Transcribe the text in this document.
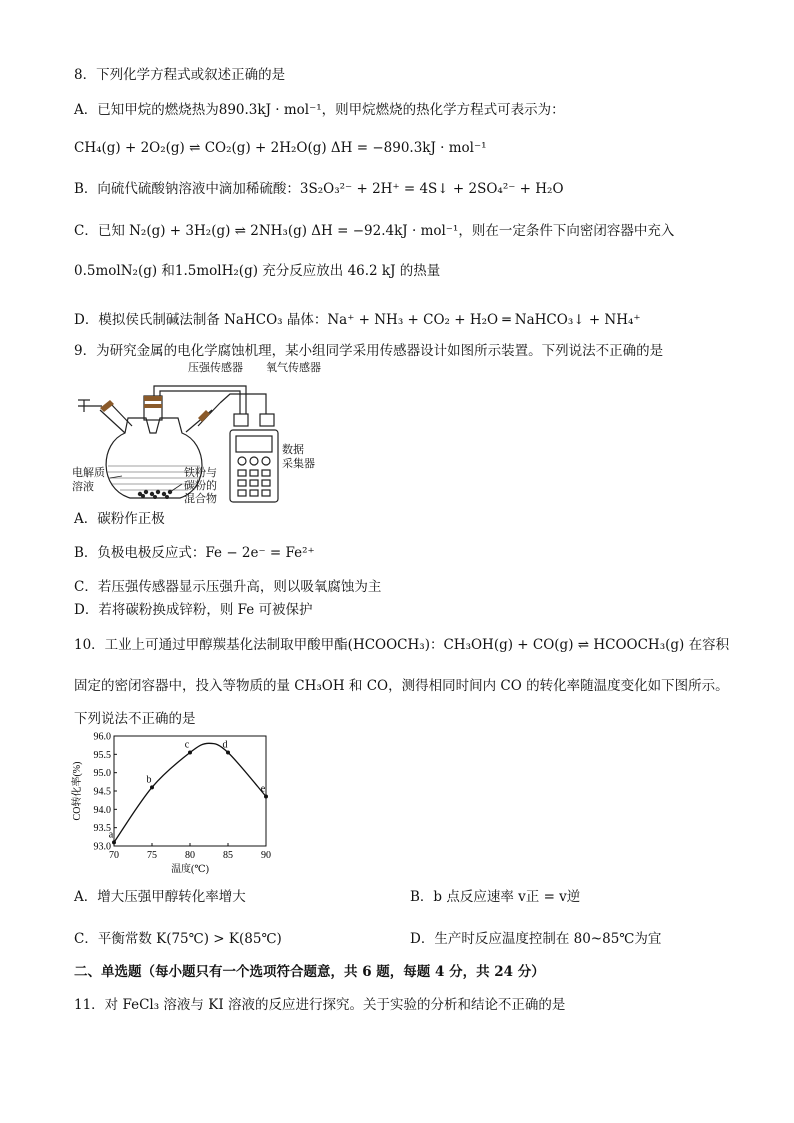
8．下列化学方程式或叙述正确的是
A．已知甲烷的燃烧热为890.3kJ · mol⁻¹，则甲烷燃烧的热化学方程式可表示为：
CH₄(g) + 2O₂(g) ⇌ CO₂(g) + 2H₂O(g) ΔH = −890.3kJ · mol⁻¹
B．向硫代硫酸钠溶液中滴加稀硫酸：3S₂O₃²⁻ + 2H⁺ = 4S↓ + 2SO₄²⁻ + H₂O
C．已知 N₂(g) + 3H₂(g) ⇌ 2NH₃(g) ΔH = −92.4kJ · mol⁻¹，则在一定条件下向密闭容器中充入
0.5molN₂(g) 和1.5molH₂(g) 充分反应放出 46.2 kJ 的热量
D．模拟侯氏制碱法制备 NaHCO₃ 晶体：Na⁺ + NH₃ + CO₂ + H₂O ═ NaHCO₃↓ + NH₄⁺
9．为研究金属的电化学腐蚀机理，某小组同学采用传感器设计如图所示装置。下列说法不正确的是
压强传感器 氧气传感器
数据
采集器
电解质
溶液
铁粉与
碳粉的
混合物
A．碳粉作正极
B．负极电极反应式：Fe − 2e⁻ = Fe²⁺
C．若压强传感器显示压强升高，则以吸氧腐蚀为主
D．若将碳粉换成锌粉，则 Fe 可被保护
10．工业上可通过甲醇羰基化法制取甲酸甲酯(HCOOCH₃)：CH₃OH(g) + CO(g) ⇌ HCOOCH₃(g) 在容积
固定的密闭容器中，投入等物质的量 CH₃OH 和 CO，测得相同时间内 CO 的转化率随温度变化如下图所示。
下列说法不正确的是
70	75	80	85	90
93.0
93.5
94.0
94.5
95.0
95.5
96.0
a
b
c	d
e
温度(℃)
CO转化率(%)
A．增大压强甲醇转化率增大	B．b 点反应速率 v正 = v逆
C．平衡常数 K(75℃) > K(85℃)	D．生产时反应温度控制在 80~85℃为宜
二、单选题（每小题只有一个选项符合题意，共 6 题，每题 4 分，共 24 分）
11．对 FeCl₃ 溶液与 KI 溶液的反应进行探究。关于实验的分析和结论不正确的是
